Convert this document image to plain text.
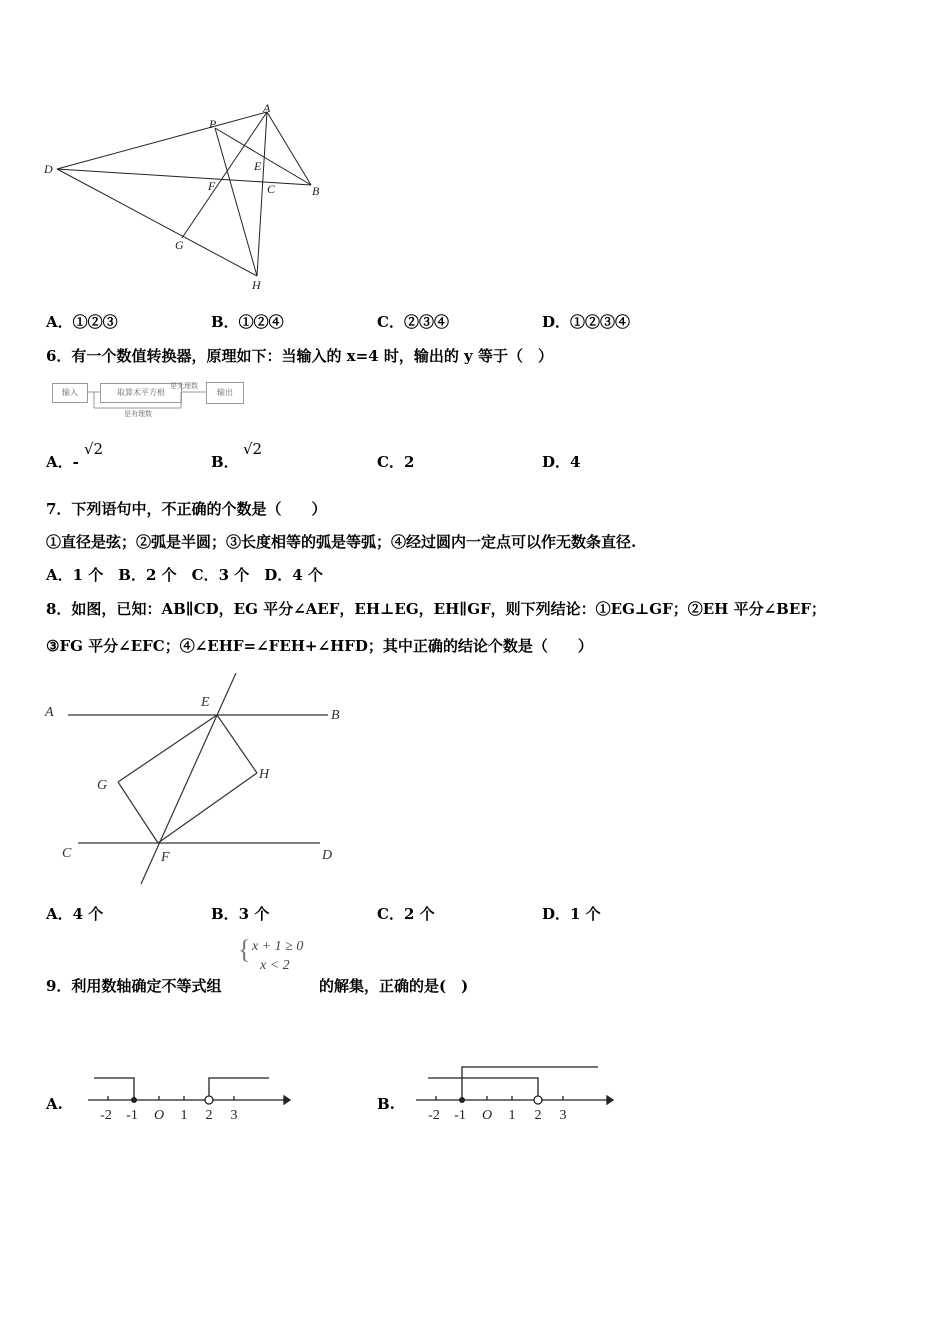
A
P
E
D
F	C	B
G
H
A．①②③	B．①②④	C．②③④	D．①②③④
6．有一个数值转换器，原理如下：当输入的 x=4 时，输出的 y 等于（　）
输入	取算术平方根	输出
是无理数
是有理数
A．-
√2
B．
√2
C．2	D．4
7．下列语句中，不正确的个数是（　　）
①直径是弦；②弧是半圆；③长度相等的弧是等弧；④经过圆内一定点可以作无数条直径.
A．1 个　B．2 个　C．3 个　D．4 个
8．如图，已知：AB∥CD，EG 平分∠AEF，EH⊥EG，EH∥GF，则下列结论：①EG⊥GF；②EH 平分∠BEF；
③FG 平分∠EFC；④∠EHF=∠FEH+∠HFD；其中正确的结论个数是（　　）
A	B
E
G
H
C	F	D
A．4 个	B．3 个	C．2 个	D．1 个
{ x + 1 ≥ 0
x < 2
9．利用数轴确定不等式组	的解集，正确的是(　)
A.
-2 -1 O 1 2 3
B.
-2 -1 O 1 2 3
